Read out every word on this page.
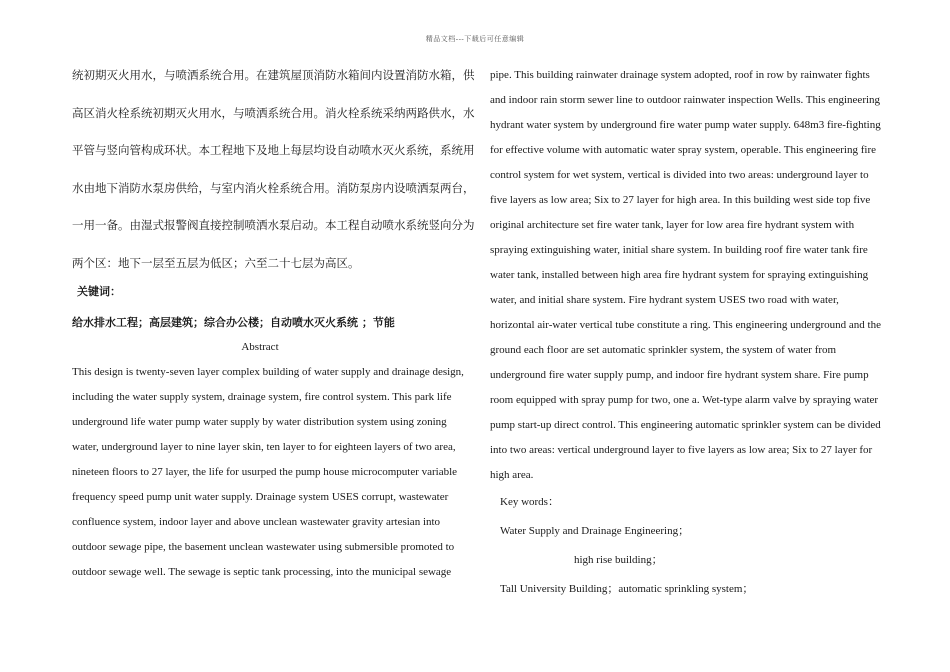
精品文档---下载后可任意编辑
统初期灭火用水，与喷洒系统合用。在建筑屋顶消防水箱间内设置消防水箱，供
高区消火栓系统初期灭火用水，与喷洒系统合用。消火栓系统采纳两路供水，水
平管与竖向管构成环状。本工程地下及地上每层均设自动喷水灭火系统，系统用
水由地下消防水泵房供给，与室内消火栓系统合用。消防泵房内设喷洒泵两台，
一用一备。由湿式报警阀直接控制喷洒水泵启动。本工程自动喷水系统竖向分为
两个区：地下一层至五层为低区；六至二十七层为高区。
关键词：
给水排水工程；高层建筑；综合办公楼；自动喷水灭火系统 ；节能
Abstract
This design is twenty-seven layer complex building of water supply and drainage design,
including the water supply system, drainage system, fire control system. This park life
underground life water pump water supply by water distribution system using zoning
water, underground layer to nine layer skin, ten layer to for eighteen layers of two area,
nineteen floors to 27 layer, the life for usurped the pump house microcomputer variable
frequency speed pump unit water supply. Drainage system USES corrupt, wastewater
confluence system, indoor layer and above unclean wastewater gravity artesian into
outdoor sewage pipe, the basement unclean wastewater using submersible promoted to
outdoor sewage well. The sewage is septic tank processing, into the municipal sewage
pipe. This building rainwater drainage system adopted, roof in row by rainwater fights
and indoor rain storm sewer line to outdoor rainwater inspection Wells. This engineering
hydrant water system by underground fire water pump water supply. 648m3 fire-fighting
for effective volume with automatic water spray system, operable. This engineering fire
control system for wet system, vertical is divided into two areas: underground layer to
five layers as low area; Six to 27 layer for high area. In this building west side top five
original architecture set fire water tank, layer for low area fire hydrant system with
spraying extinguishing water, initial share system. In building roof fire water tank fire
water tank, installed between high area fire hydrant system for spraying extinguishing
water, and initial share system. Fire hydrant system USES two road with water,
horizontal air-water vertical tube constitute a ring. This engineering underground and the
ground each floor are set automatic sprinkler system, the system of water from
underground fire water supply pump, and indoor fire hydrant system share. Fire pump
room equipped with spray pump for two, one a. Wet-type alarm valve by spraying water
pump start-up direct control. This engineering automatic sprinkler system can be divided
into two areas: vertical underground layer to five layers as low area; Six to 27 layer for
high area.
Key words：
Water Supply and Drainage Engineering；
high rise building；
Tall University Building；automatic sprinkling system；
